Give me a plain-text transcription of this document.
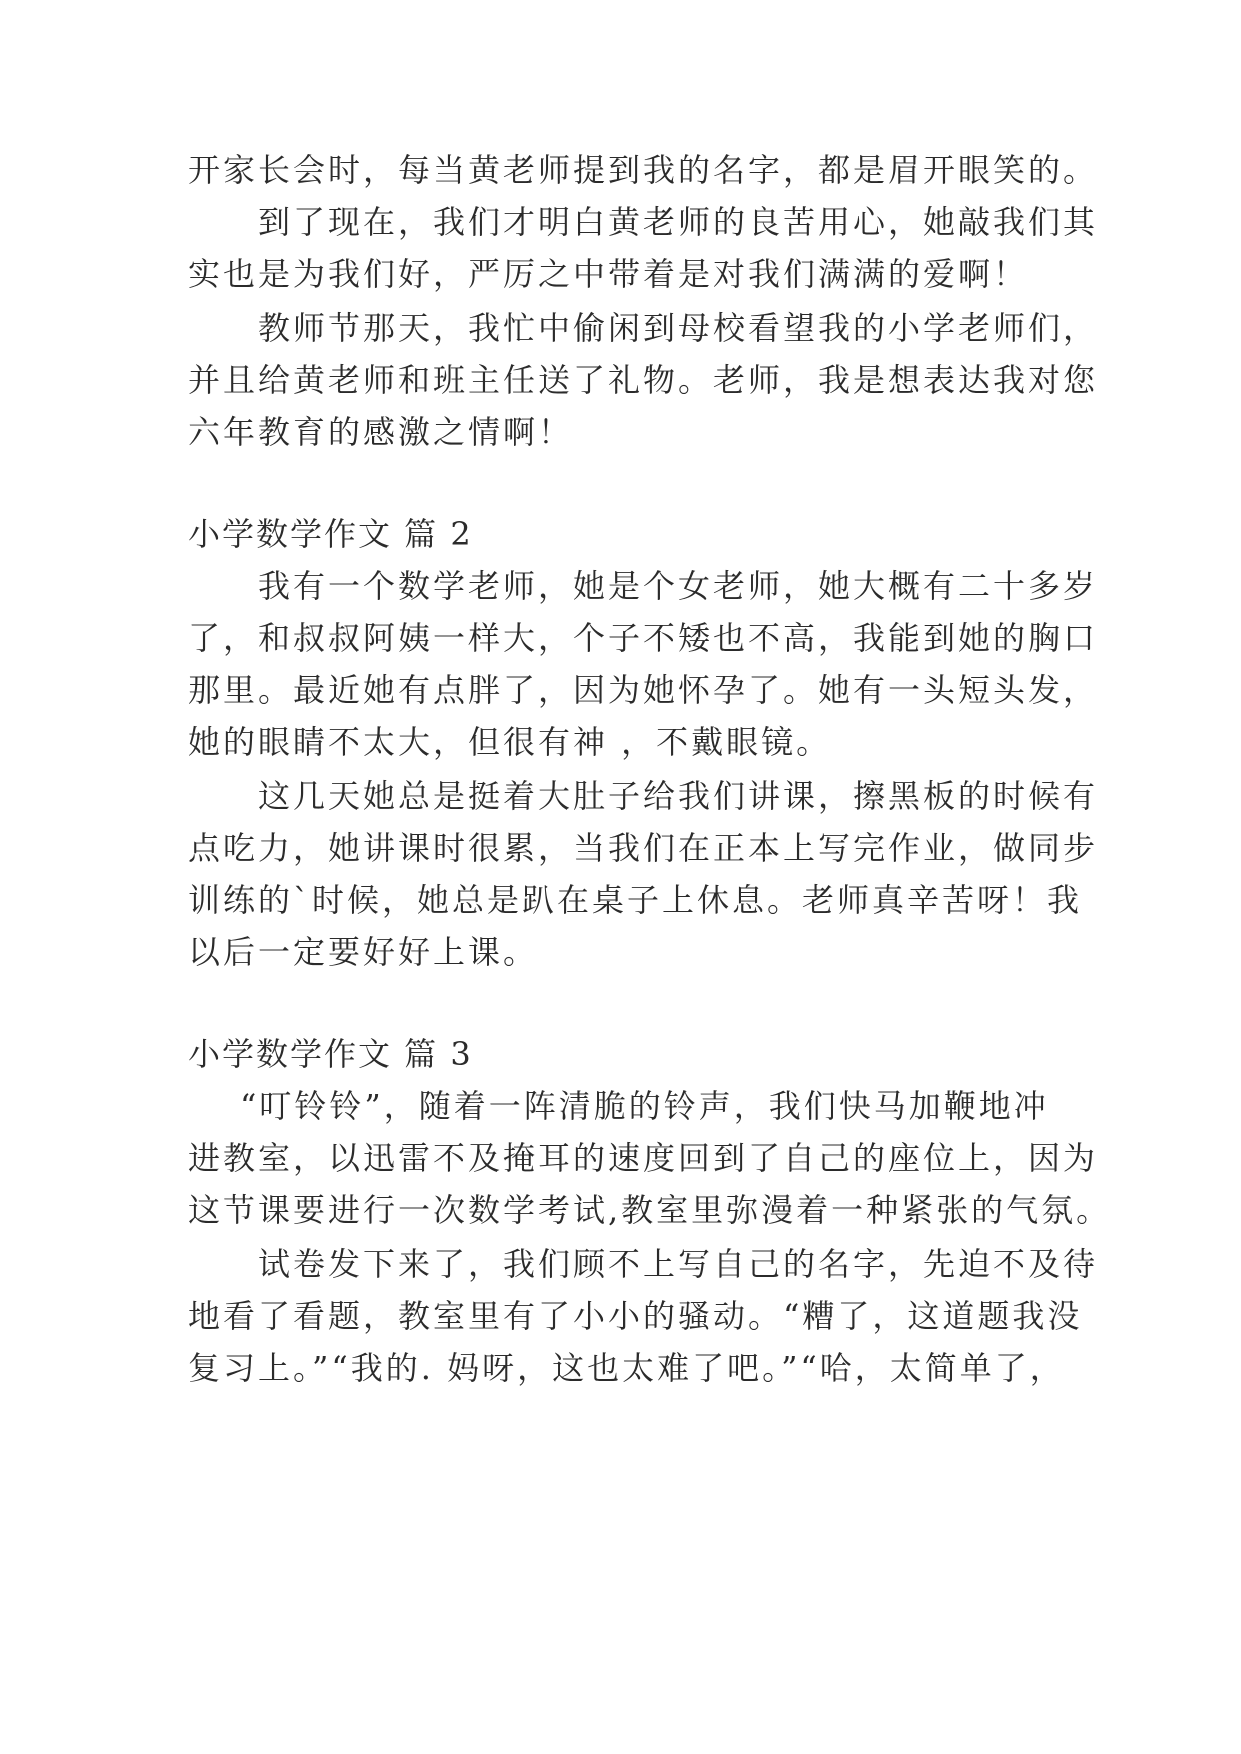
开家长会时，每当黄老师提到我的名字，都是眉开眼笑的。
到了现在，我们才明白黄老师的良苦用心，她敲我们其
实也是为我们好，严厉之中带着是对我们满满的爱啊！
教师节那天，我忙中偷闲到母校看望我的小学老师们，
并且给黄老师和班主任送了礼物。老师，我是想表达我对您
六年教育的感激之情啊！
小学数学作文 篇 2
我有一个数学老师，她是个女老师，她大概有二十多岁
了，和叔叔阿姨一样大，个子不矮也不高，我能到她的胸口
那里。最近她有点胖了，因为她怀孕了。她有一头短头发，
她的眼睛不太大，但很有神 ，不戴眼镜。
这几天她总是挺着大肚子给我们讲课，擦黑板的时候有
点吃力，她讲课时很累，当我们在正本上写完作业，做同步
训练的`时候，她总是趴在桌子上休息。老师真辛苦呀！我
以后一定要好好上课。
小学数学作文 篇 3
“叮铃铃”，随着一阵清脆的铃声，我们快马加鞭地冲
进教室，以迅雷不及掩耳的速度回到了自己的座位上，因为
这节课要进行一次数学考试,教室里弥漫着一种紧张的气氛。
试卷发下来了，我们顾不上写自己的名字，先迫不及待
地看了看题，教室里有了小小的骚动。“糟了，这道题我没
复习上。”“我的. 妈呀，这也太难了吧。”“哈，太简单了，
